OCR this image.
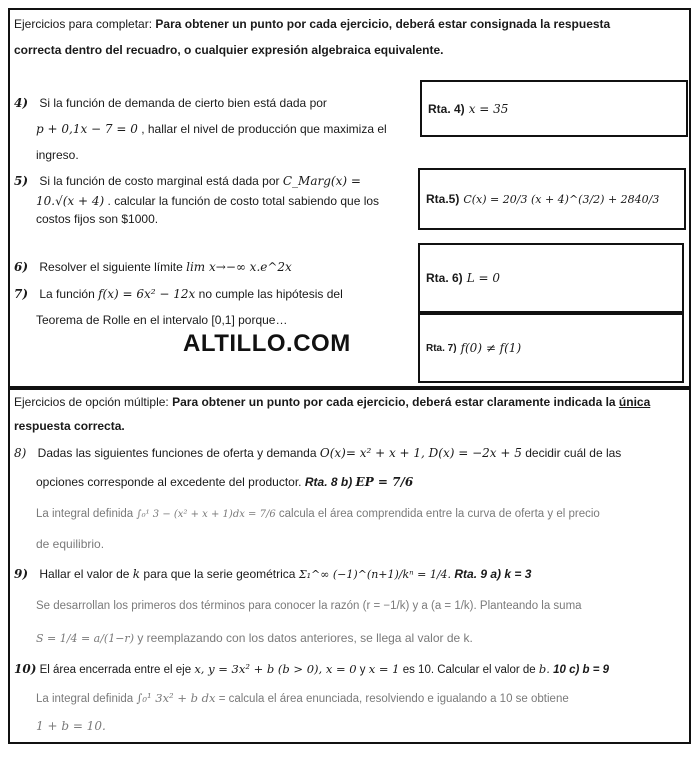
Ejercicios para completar: Para obtener un punto por cada ejercicio, deberá estar consignada la respuesta
correcta dentro del recuadro, o cualquier expresión algebraica equivalente.
4) Si la función de demanda de cierto bien está dada por
p + 0,1x − 7 = 0 , hallar el nivel de producción que maximiza el
ingreso.
5) Si la función de costo marginal está dada por C_Marg(x) =
10.√(x + 4) . calcular la función de costo total sabiendo que los
costos fijos son $1000.
6) Resolver el siguiente límite lim x→−∞ x.e^2x
7) La función f(x) = 6x² − 12x no cumple las hipótesis del
Teorema de Rolle en el intervalo [0,1] porque…
ALTILLO.COM
Rta. 4) x = 35
Rta.5) C(x) = 20/3 (x + 4)^(3/2) + 2840/3
Rta. 6) L = 0
Rta. 7) f(0) ≠ f(1)
Ejercicios de opción múltiple: Para obtener un punto por cada ejercicio, deberá estar claramente indicada la única
respuesta correcta.
8) Dadas las siguientes funciones de oferta y demanda O(x)= x² + x + 1, D(x) = −2x + 5 decidir cuál de las
opciones corresponde al excedente del productor. Rta. 8 b) EP = 7/6
La integral definida ∫₀¹ 3 − (x² + x + 1)dx = 7/6 calcula el área comprendida entre la curva de oferta y el precio
de equilibrio.
9) Hallar el valor de k para que la serie geométrica Σ₁^∞ (−1)^(n+1)/kⁿ = 1/4. Rta. 9 a) k = 3
Se desarrollan los primeros dos términos para conocer la razón (r = −1/k) y a (a = 1/k). Planteando la suma
S = 1/4 = a/(1−r) y reemplazando con los datos anteriores, se llega al valor de k.
10) El área encerrada entre el eje x, y = 3x² + b (b > 0), x = 0 y x = 1 es 10. Calcular el valor de b. 10 c) b = 9
La integral definida ∫₀¹ 3x² + b dx = calcula el área enunciada, resolviendo e igualando a 10 se obtiene
1 + b = 10.
